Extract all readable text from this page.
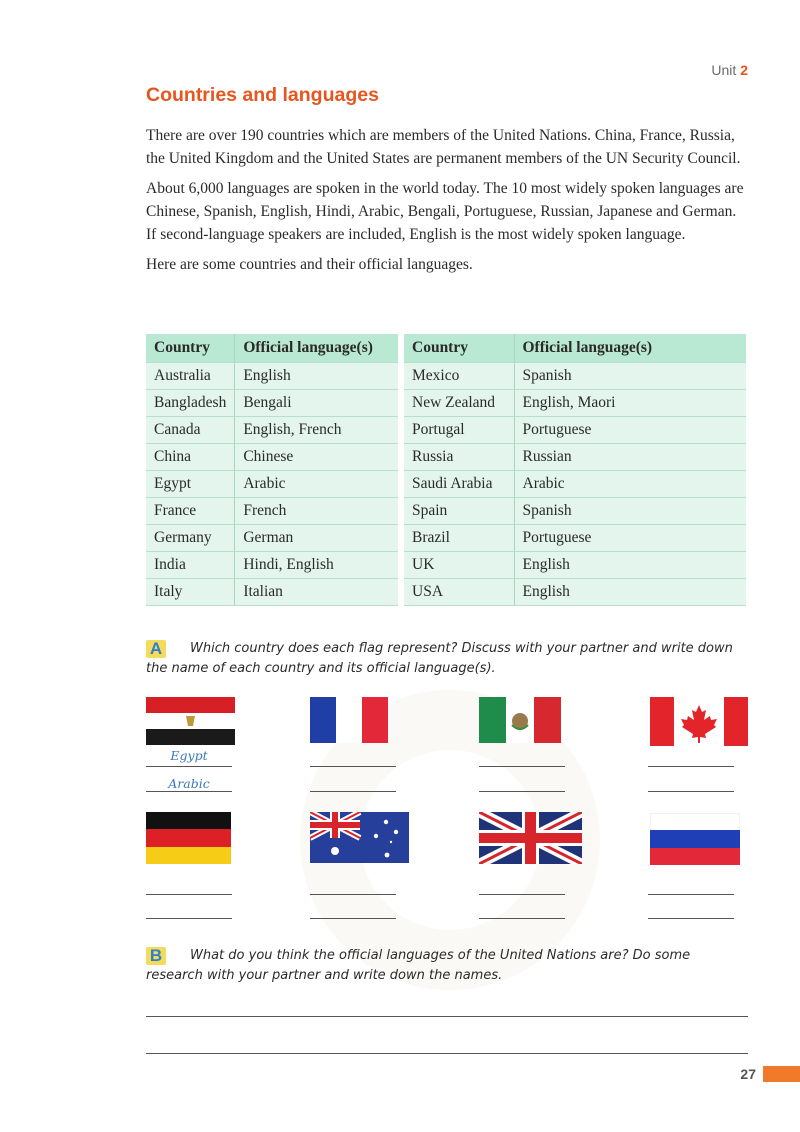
Unit 2
Countries and languages

There are over 190 countries which are members of the United Nations. China, France, Russia, the United Kingdom and the United States are permanent members of the UN Security Council.

About 6,000 languages are spoken in the world today. The 10 most widely spoken languages are Chinese, Spanish, English, Hindi, Arabic, Bengali, Portuguese, Russian, Japanese and German. If second-language speakers are included, English is the most widely spoken language.

Here are some countries and their official languages.

Country	Official language(s)
Australia	English
Bangladesh	Bengali
Canada	English, French
China	Chinese
Egypt	Arabic
France	French
Germany	German
India	Hindi, English
Italy	Italian
Country	Official language(s)
Mexico	Spanish
New Zealand	English, Maori
Portugal	Portuguese
Russia	Russian
Saudi Arabia	Arabic
Spain	Spanish
Brazil	Portuguese
UK	English
USA	English
A Which country does each flag represent? Discuss with your partner and write down the name of each country and its official language(s).
Egypt
Arabic
B What do you think the official languages of the United Nations are? Do some research with your partner and write down the names.
27
